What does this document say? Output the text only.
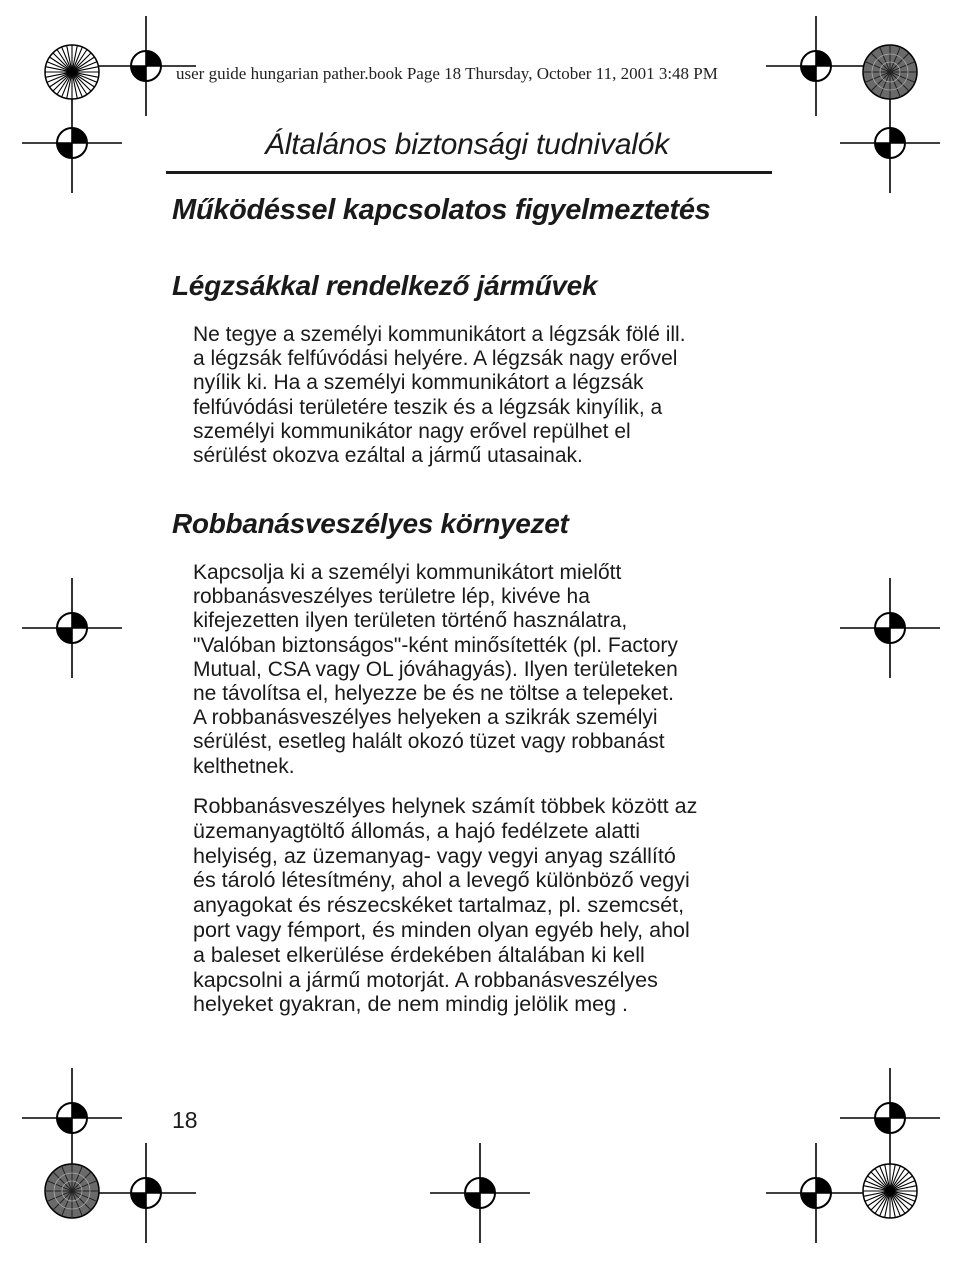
user guide hungarian pather.book Page 18 Thursday, October 11, 2001 3:48 PM
Általános biztonsági tudnivalók
Működéssel kapcsolatos figyelmeztetés
Légzsákkal rendelkező járművek

Ne tegye a személyi kommunikátort a légzsák fölé ill.
a légzsák felfúvódási helyére. A légzsák nagy erővel
nyílik ki. Ha a személyi kommunikátort a légzsák
felfúvódási területére teszik és a légzsák kinyílik, a
személyi kommunikátor nagy erővel repülhet el
sérülést okozva ezáltal a jármű utasainak.

Robbanásveszélyes környezet

Kapcsolja ki a személyi kommunikátort mielőtt
robbanásveszélyes területre lép, kivéve ha
kifejezetten ilyen területen történő használatra,
"Valóban biztonságos"-ként minősítették (pl. Factory
Mutual, CSA vagy OL jóváhagyás). Ilyen területeken
ne távolítsa el, helyezze be és ne töltse a telepeket.
A robbanásveszélyes helyeken a szikrák személyi
sérülést, esetleg halált okozó tüzet vagy robbanást
kelthetnek.

Robbanásveszélyes helynek számít többek között az
üzemanyagtöltő állomás, a hajó fedélzete alatti
helyiség, az üzemanyag- vagy vegyi anyag szállító
és tároló létesítmény, ahol a levegő különböző vegyi
anyagokat és részecskéket tartalmaz, pl. szemcsét,
port vagy fémport, és minden olyan egyéb hely, ahol
a baleset elkerülése érdekében általában ki kell
kapcsolni a jármű motorját. A robbanásveszélyes
helyeket gyakran, de nem mindig jelölik meg .

18
